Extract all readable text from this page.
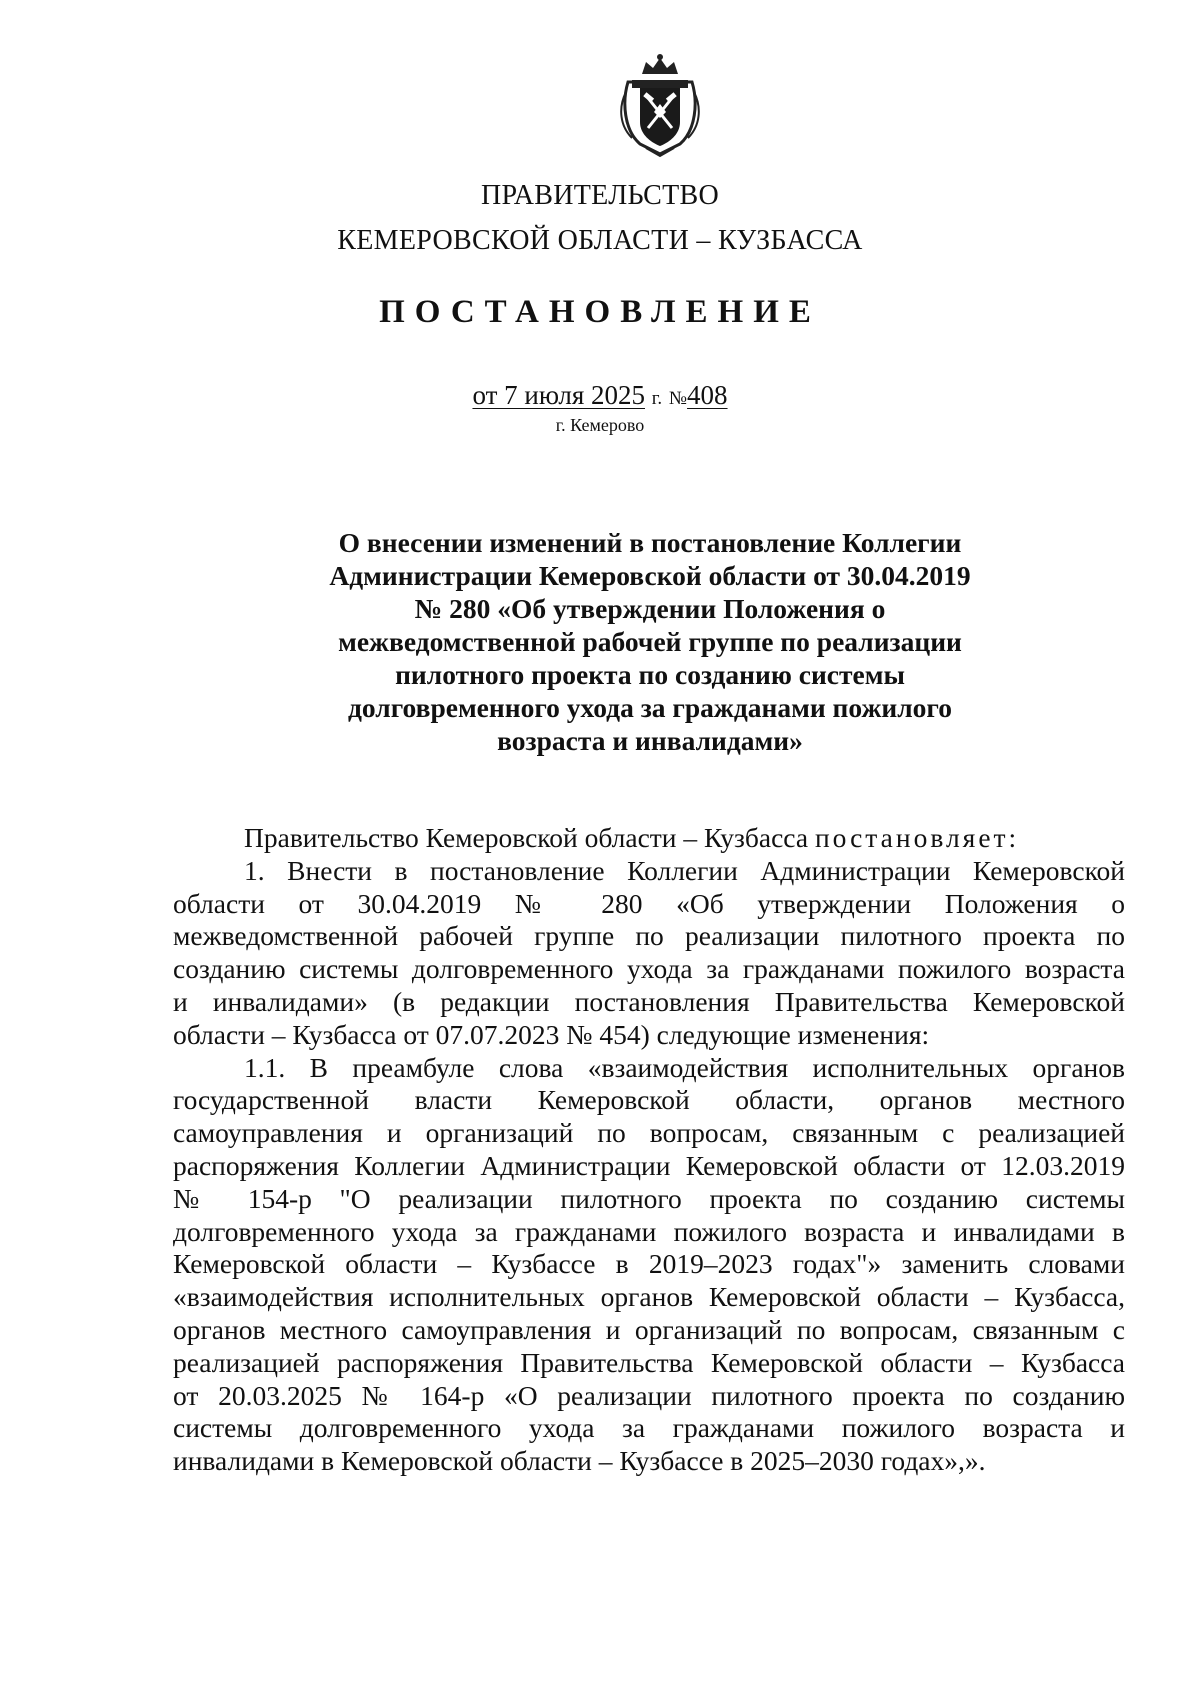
ПРАВИТЕЛЬСТВО
КЕМЕРОВСКОЙ ОБЛАСТИ – КУЗБАССА
ПОСТАНОВЛЕНИЕ
от 7 июля 2025 г. №408
г. Кемерово
О внесении изменений в постановление Коллегии
Администрации Кемеровской области от 30.04.2019
№ 280 «Об утверждении Положения о
межведомственной рабочей группе по реализации
пилотного проекта по созданию системы
долговременного ухода за гражданами пожилого
возраста и инвалидами»
Правительство Кемеровской области – Кузбасса постановляет:
1. Внести в постановление Коллегии Администрации Кемеровской
области от 30.04.2019 № 280 «Об утверждении Положения о
межведомственной рабочей группе по реализации пилотного проекта по
созданию системы долговременного ухода за гражданами пожилого возраста
и инвалидами» (в редакции постановления Правительства Кемеровской
области – Кузбасса от 07.07.2023 № 454) следующие изменения:
1.1. В преамбуле слова «взаимодействия исполнительных органов
государственной власти Кемеровской области, органов местного
самоуправления и организаций по вопросам, связанным с реализацией
распоряжения Коллегии Администрации Кемеровской области от 12.03.2019
№ 154-р "О реализации пилотного проекта по созданию системы
долговременного ухода за гражданами пожилого возраста и инвалидами в
Кемеровской области – Кузбассе в 2019–2023 годах"» заменить словами
«взаимодействия исполнительных органов Кемеровской области – Кузбасса,
органов местного самоуправления и организаций по вопросам, связанным с
реализацией распоряжения Правительства Кемеровской области – Кузбасса
от 20.03.2025 № 164-р «О реализации пилотного проекта по созданию
системы долговременного ухода за гражданами пожилого возраста и
инвалидами в Кемеровской области – Кузбассе в 2025–2030 годах»,».
